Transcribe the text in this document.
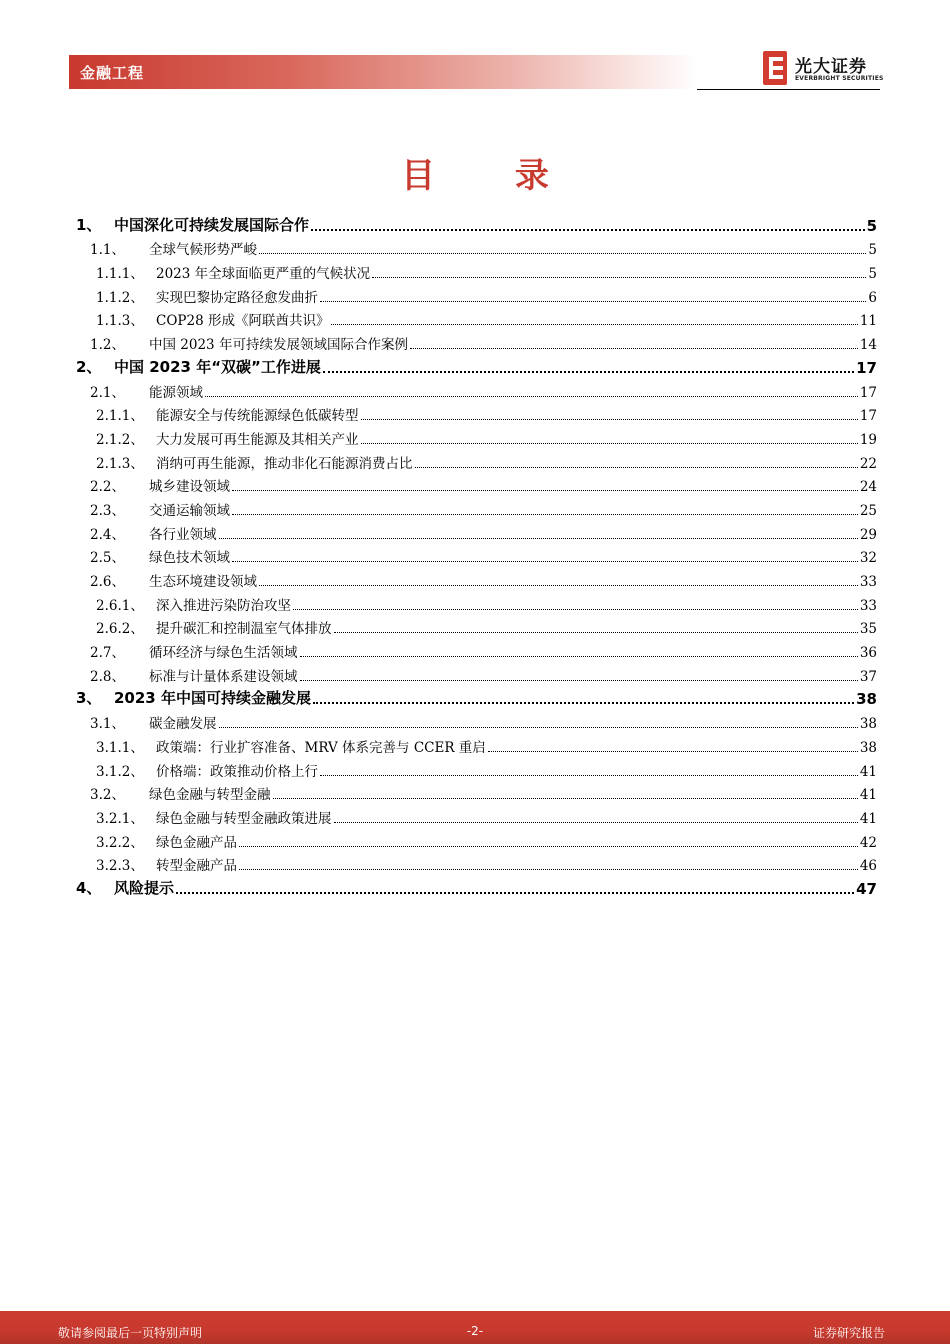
金融工程	光大证券
EVERBRIGHT SECURITIES
目 录
1、 中国深化可持续发展国际合作	5
1.1、	全球气候形势严峻	5
1.1.1、 2023 年全球面临更严重的气候状况	5
1.1.2、 实现巴黎协定路径愈发曲折	6
1.1.3、 COP28 形成《阿联酋共识》	11
1.2、	中国 2023 年可持续发展领域国际合作案例	14
2、 中国 2023 年“双碳”工作进展	17
2.1、	能源领域	17
2.1.1、 能源安全与传统能源绿色低碳转型	17
2.1.2、 大力发展可再生能源及其相关产业	19
2.1.3、 消纳可再生能源，推动非化石能源消费占比	22
2.2、	城乡建设领域	24
2.3、	交通运输领域	25
2.4、	各行业领域	29
2.5、	绿色技术领域	32
2.6、	生态环境建设领域	33
2.6.1、 深入推进污染防治攻坚	33
2.6.2、 提升碳汇和控制温室气体排放	35
2.7、	循环经济与绿色生活领域	36
2.8、	标准与计量体系建设领域	37
3、 2023 年中国可持续金融发展	38
3.1、	碳金融发展	38
3.1.1、 政策端：行业扩容准备、MRV 体系完善与 CCER 重启	38
3.1.2、 价格端：政策推动价格上行	41
3.2、	绿色金融与转型金融	41
3.2.1、 绿色金融与转型金融政策进展	41
3.2.2、 绿色金融产品	42
3.2.3、 转型金融产品	46
4、 风险提示	47
敬请参阅最后一页特别声明	-2-	证券研究报告
